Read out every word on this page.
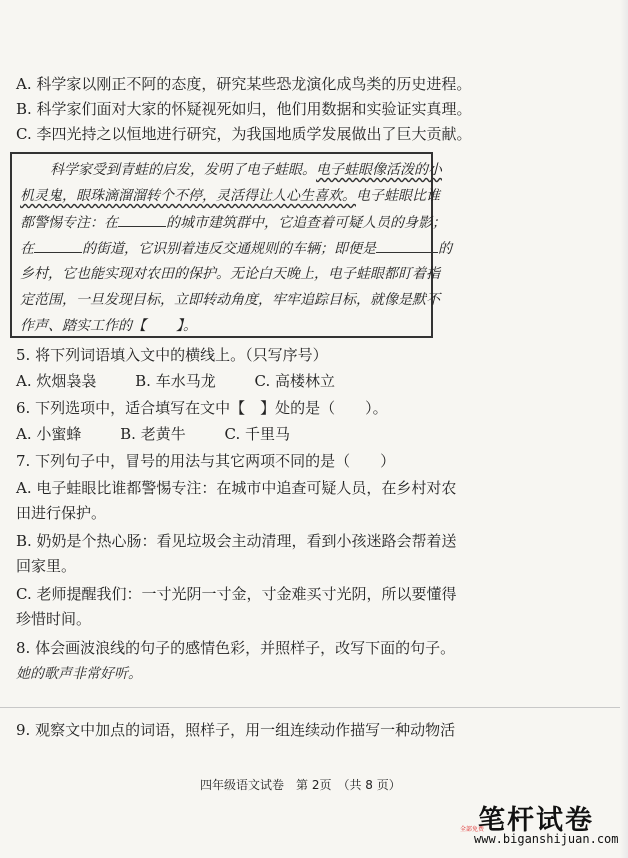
A. 科学家以刚正不阿的态度，研究某些恐龙演化成鸟类的历史进程。
B. 科学家们面对大家的怀疑视死如归，他们用数据和实验证实真理。
C. 李四光持之以恒地进行研究，为我国地质学发展做出了巨大贡献。
科学家受到青蛙的启发，发明了电子蛙眼。电子蛙眼像活泼的小
机灵鬼，眼珠滴溜溜转个不停，灵活得让人心生喜欢。电子蛙眼比谁
都警惕专注：在	的城市建筑群中，它追查着可疑人员的身影；
在	的街道，它识别着违反交通规则的车辆；即便是	的
乡村，它也能实现对农田的保护。无论白天晚上，电子蛙眼都盯着指
定范围，一旦发现目标，立即转动角度，牢牢追踪目标，就像是默不
作声、踏实工作的【 】。
5. 将下列词语填入文中的横线上。（只写序号）
A. 炊烟袅袅	B. 车水马龙	C. 高楼林立
6. 下列选项中，适合填写在文中【　】处的是（　　）。
A. 小蜜蜂	B. 老黄牛	C. 千里马
7. 下列句子中，冒号的用法与其它两项不同的是（　　）
A. 电子蛙眼比谁都警惕专注：在城市中追查可疑人员，在乡村对农
田进行保护。
B. 奶奶是个热心肠：看见垃圾会主动清理，看到小孩迷路会帮着送
回家里。
C. 老师提醒我们：一寸光阴一寸金，寸金难买寸光阴，所以要懂得
珍惜时间。
8. 体会画波浪线的句子的感情色彩，并照样子，改写下面的句子。
她的歌声非常好听。
9. 观察文中加点的词语，照样子，用一组连续动作描写一种动物活
四年级语文试卷　第 2页　（共 8 页）
全部免费
笔杆试卷
www.biganshijuan.com
